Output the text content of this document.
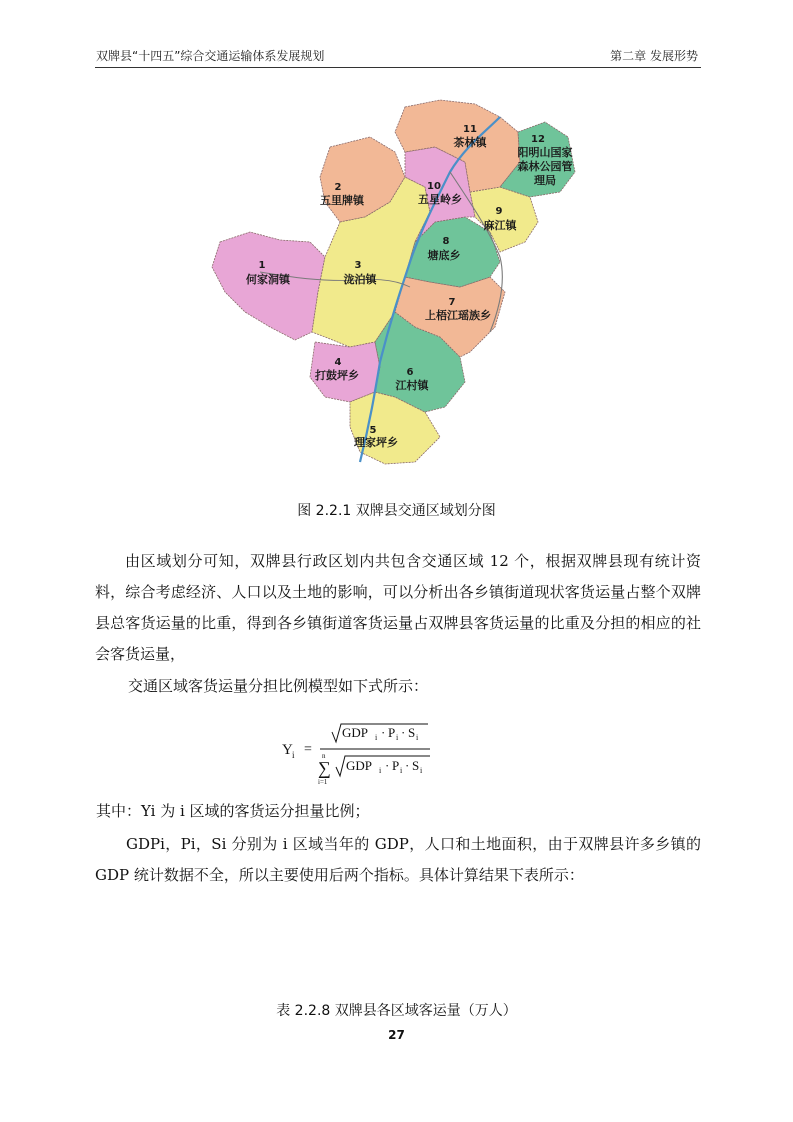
双牌县“十四五”综合交通运输体系发展规划	第二章 发展形势
1
何家洞镇
2
五里牌镇
3
泷泊镇
4
打鼓坪乡
5
理家坪乡
6
江村镇
7
上梧江瑶族乡
8
塘底乡
9
麻江镇
10
五星岭乡
11
茶林镇	12
阳明山国家
森林公园管
理局
图 2.2.1 双牌县交通区域划分图

由区域划分可知，双牌县行政区划内共包含交通区域 12 个，根据双牌县现有统计资料，综合考虑经济、人口以及土地的影响，可以分析出各乡镇街道现状客货运量占整个双牌县总客货运量的比重，得到各乡镇街道客货运量占双牌县客货运量的比重及分担的相应的社会客货运量，

交通区域客货运量分担比例模型如下式所示：
Y i =
GDP i · P i · S i
n
∑
i=1
GDP i · P i · S i
其中：Yi 为 i 区域的客货运分担量比例；

GDPi，Pi，Si 分别为 i 区域当年的 GDP，人口和土地面积，由于双牌县许多乡镇的 GDP 统计数据不全，所以主要使用后两个指标。具体计算结果下表所示：

表 2.2.8 双牌县各区域客运量（万人）
27
